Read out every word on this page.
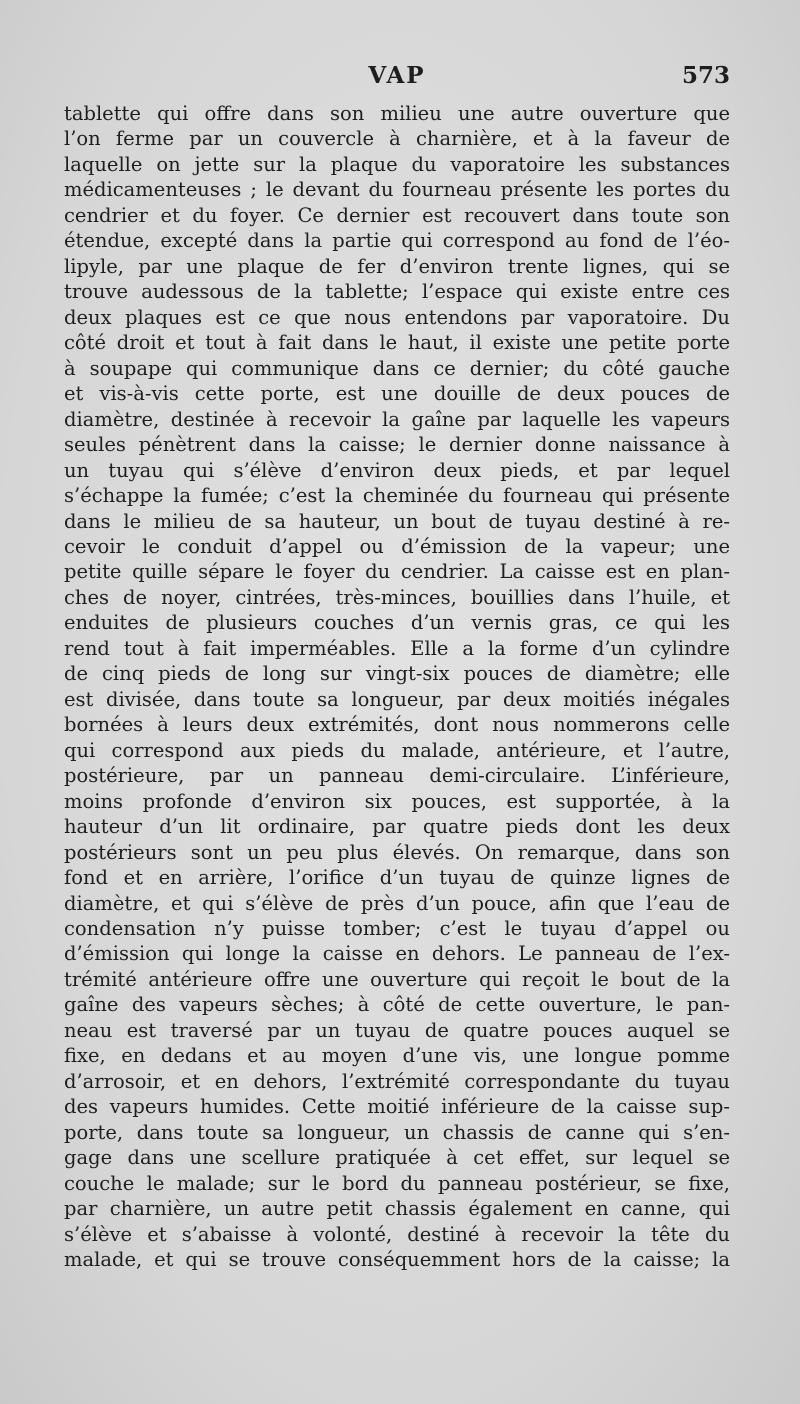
VAP	573
tablette qui offre dans son milieu une autre ouverture que
l’on ferme par un couvercle à charnière, et à la faveur de
laquelle on jette sur la plaque du vaporatoire les substances
médicamenteuses ; le devant du fourneau présente les portes du
cendrier et du foyer. Ce dernier est recouvert dans toute son
étendue, excepté dans la partie qui correspond au fond de l’éo-
lipyle, par une plaque de fer d’environ trente lignes, qui se
trouve audessous de la tablette; l’espace qui existe entre ces
deux plaques est ce que nous entendons par vaporatoire. Du
côté droit et tout à fait dans le haut, il existe une petite porte
à soupape qui communique dans ce dernier; du côté gauche
et vis-à-vis cette porte, est une douille de deux pouces de
diamètre, destinée à recevoir la gaîne par laquelle les vapeurs
seules pénètrent dans la caisse; le dernier donne naissance à
un tuyau qui s’élève d’environ deux pieds, et par lequel
s’échappe la fumée; c’est la cheminée du fourneau qui présente
dans le milieu de sa hauteur, un bout de tuyau destiné à re-
cevoir le conduit d’appel ou d’émission de la vapeur; une
petite quille sépare le foyer du cendrier. La caisse est en plan-
ches de noyer, cintrées, très-minces, bouillies dans l’huile, et
enduites de plusieurs couches d’un vernis gras, ce qui les
rend tout à fait imperméables. Elle a la forme d’un cylindre
de cinq pieds de long sur vingt-six pouces de diamètre; elle
est divisée, dans toute sa longueur, par deux moitiés inégales
bornées à leurs deux extrémités, dont nous nommerons celle
qui correspond aux pieds du malade, antérieure, et l’autre,
postérieure, par un panneau demi-circulaire. L’inférieure,
moins profonde d’environ six pouces, est supportée, à la
hauteur d’un lit ordinaire, par quatre pieds dont les deux
postérieurs sont un peu plus élevés. On remarque, dans son
fond et en arrière, l’orifice d’un tuyau de quinze lignes de
diamètre, et qui s’élève de près d’un pouce, afin que l’eau de
condensation n’y puisse tomber; c’est le tuyau d’appel ou
d’émission qui longe la caisse en dehors. Le panneau de l’ex-
trémité antérieure offre une ouverture qui reçoit le bout de la
gaîne des vapeurs sèches; à côté de cette ouverture, le pan-
neau est traversé par un tuyau de quatre pouces auquel se
fixe, en dedans et au moyen d’une vis, une longue pomme
d’arrosoir, et en dehors, l’extrémité correspondante du tuyau
des vapeurs humides. Cette moitié inférieure de la caisse sup-
porte, dans toute sa longueur, un chassis de canne qui s’en-
gage dans une scellure pratiquée à cet effet, sur lequel se
couche le malade; sur le bord du panneau postérieur, se fixe,
par charnière, un autre petit chassis également en canne, qui
s’élève et s’abaisse à volonté, destiné à recevoir la tête du
malade, et qui se trouve conséquemment hors de la caisse; la
